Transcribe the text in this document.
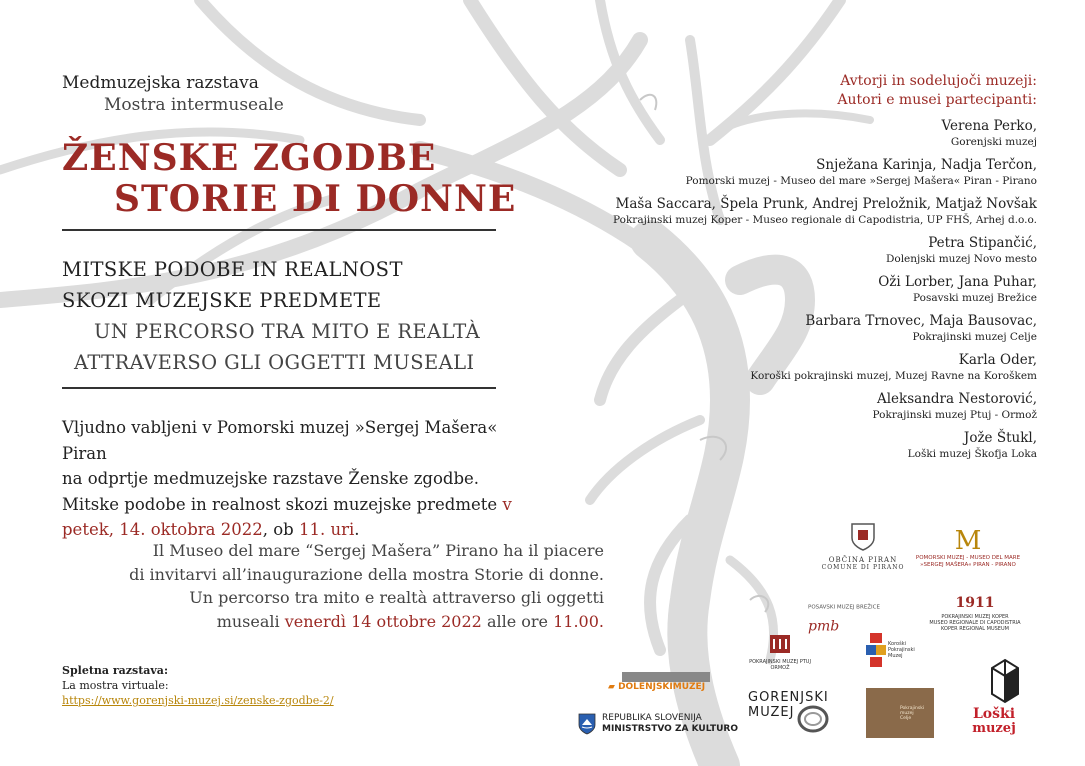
Medmuzejska razstava
Mostra intermuseale
ŽENSKE ZGODBE
STORIE DI DONNE
MITSKE PODOBE IN REALNOST
SKOZI MUZEJSKE PREDMETE
UN PERCORSO TRA MITO E REALTÀ
ATTRAVERSO GLI OGGETTI MUSEALI
Vljudno vabljeni v Pomorski muzej »Sergej Mašera« Piran
na odprtje medmuzejske razstave Ženske zgodbe.
Mitske podobe in realnost skozi muzejske predmete v
petek, 14. oktobra 2022, ob 11. uri.
Il Museo del mare “Sergej Mašera” Pirano ha il piacere
di invitarvi all’inaugurazione della mostra Storie di donne.
Un percorso tra mito e realtà attraverso gli oggetti
museali venerdì 14 ottobre 2022 alle ore 11.00.
Spletna razstava:
La mostra virtuale:
https://www.gorenjski-muzej.si/zenske-zgodbe-2/
Avtorji in sodelujoči muzeji:
Autori e musei partecipanti:
Verena Perko,
Gorenjski muzej
Snježana Karinja, Nadja Terčon,
Pomorski muzej - Museo del mare »Sergej Mašera« Piran - Pirano
Maša Saccara, Špela Prunk, Andrej Preložnik, Matjaž Novšak
Pokrajinski muzej Koper - Museo regionale di Capodistria, UP FHŠ, Arhej d.o.o.
Petra Stipančić,
Dolenjski muzej Novo mesto
Oži Lorber, Jana Puhar,
Posavski muzej Brežice
Barbara Trnovec, Maja Bausovac,
Pokrajinski muzej Celje
Karla Oder,
Koroški pokrajinski muzej, Muzej Ravne na Koroškem
Aleksandra Nestorović,
Pokrajinski muzej Ptuj - Ormož
Jože Štukl,
Loški muzej Škofja Loka
OBČINA PIRAN
COMUNE DI PIRANO
M
POMORSKI MUZEJ - MUSEO DEL MARE »SERGEJ MAŠERA« PIRAN - PIRANO
POSAVSKI MUZEJ BREŽICE pmb
1911
POKRAJINSKI MUZEJ KOPER
MUSEO REGIONALE DI CAPODISTRIA
KOPER REGIONAL MUSEUM
POKRAJINSKI MUZEJ PTUJ ORMOŽ
Koroški Pokrajinski Muzej
Loški
muzej
▰ DOLENJSKIMUZEJ
GORENJSKI
MUZEJ	Pokrajinski muzej Celje
REPUBLIKA SLOVENIJA
MINISTRSTVO ZA KULTURO
